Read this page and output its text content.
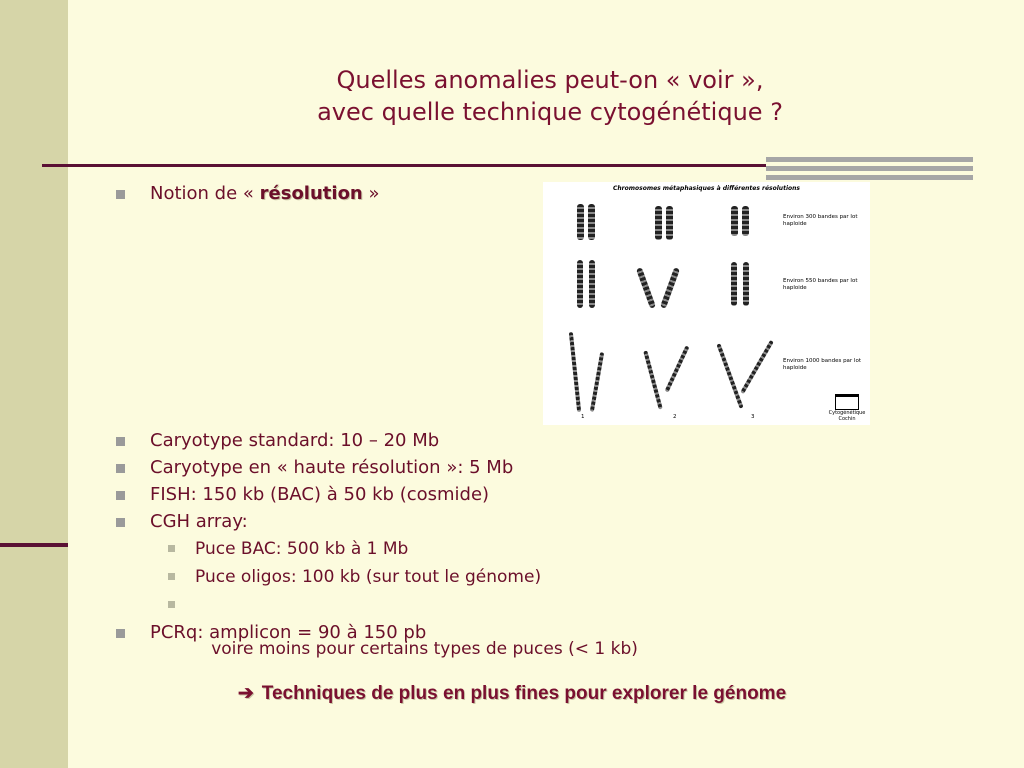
Quelles anomalies peut-on « voir »,
avec quelle technique cytogénétique ?
Notion de « résolution »	Chromosomes métaphasiques à différentes résolutions
Environ 300 bandes par lot haploide
Environ 550 bandes par lot haploide
Environ 1000 bandes par lot haploide
1	2	3
Cytogénétique Cochin
Caryotype standard: 10 – 20 Mb
Caryotype en « haute résolution »: 5 Mb
FISH: 150 kb (BAC) à 50 kb (cosmide)
CGH array:
Puce BAC: 500 kb à 1 Mb
Puce oligos: 100 kb (sur tout le génome)

voire moins pour certains types de puces (< 1 kb)

PCRq: amplicon = 90 à 150 pb
➔ Techniques de plus en plus fines pour explorer le génome
